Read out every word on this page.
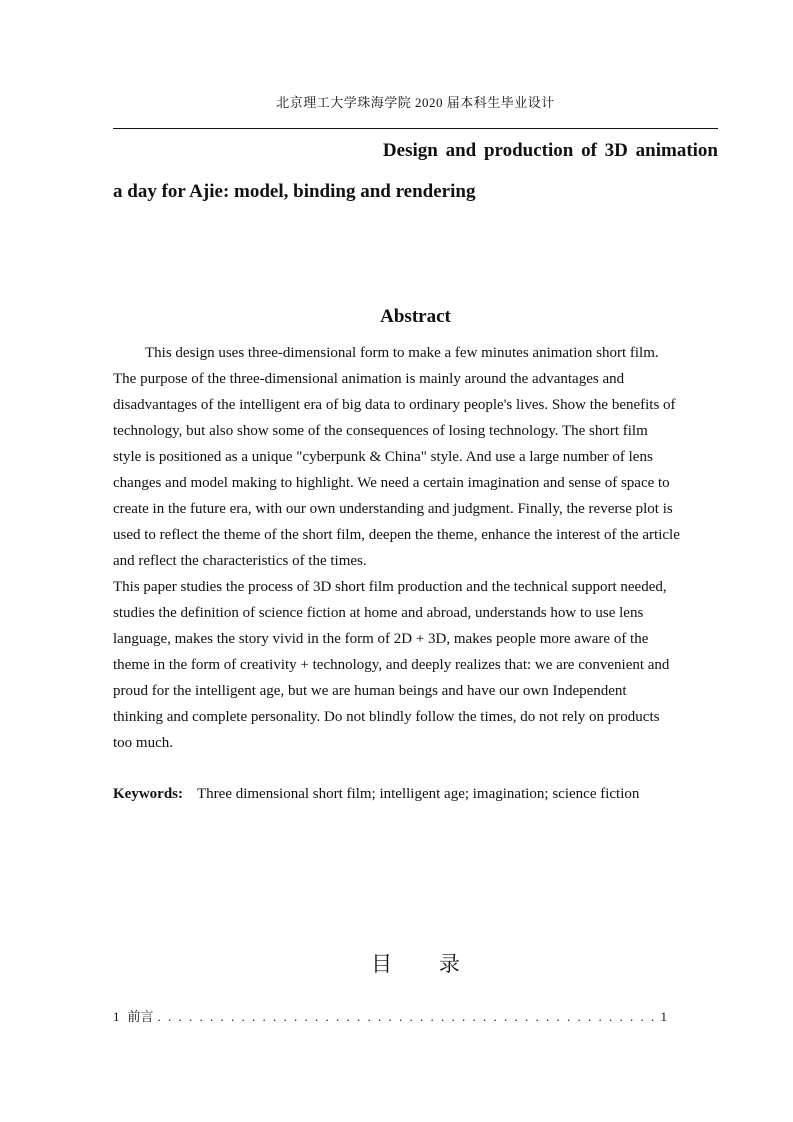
北京理工大学珠海学院 2020 届本科生毕业设计
Design and production of 3D animation
a day for Ajie: model, binding and rendering
Abstract
This design uses three-dimensional form to make a few minutes animation short film.
The purpose of the three-dimensional animation is mainly around the advantages and
disadvantages of the intelligent era of big data to ordinary people's lives. Show the benefits of
technology, but also show some of the consequences of losing technology. The short film
style is positioned as a unique "cyberpunk & China" style. And use a large number of lens
changes and model making to highlight. We need a certain imagination and sense of space to
create in the future era, with our own understanding and judgment. Finally, the reverse plot is
used to reflect the theme of the short film, deepen the theme, enhance the interest of the article
and reflect the characteristics of the times.
This paper studies the process of 3D short film production and the technical support needed,
studies the definition of science fiction at home and abroad, understands how to use lens
language, makes the story vivid in the form of 2D + 3D, makes people more aware of the
theme in the form of creativity + technology, and deeply realizes that: we are convenient and
proud for the intelligent age, but we are human beings and have our own Independent
thinking and complete personality. Do not blindly follow the times, do not rely on products
too much.
Keywords: Three dimensional short film; intelligent age; imagination; science fiction
目 录
1 前言
. . .	1
